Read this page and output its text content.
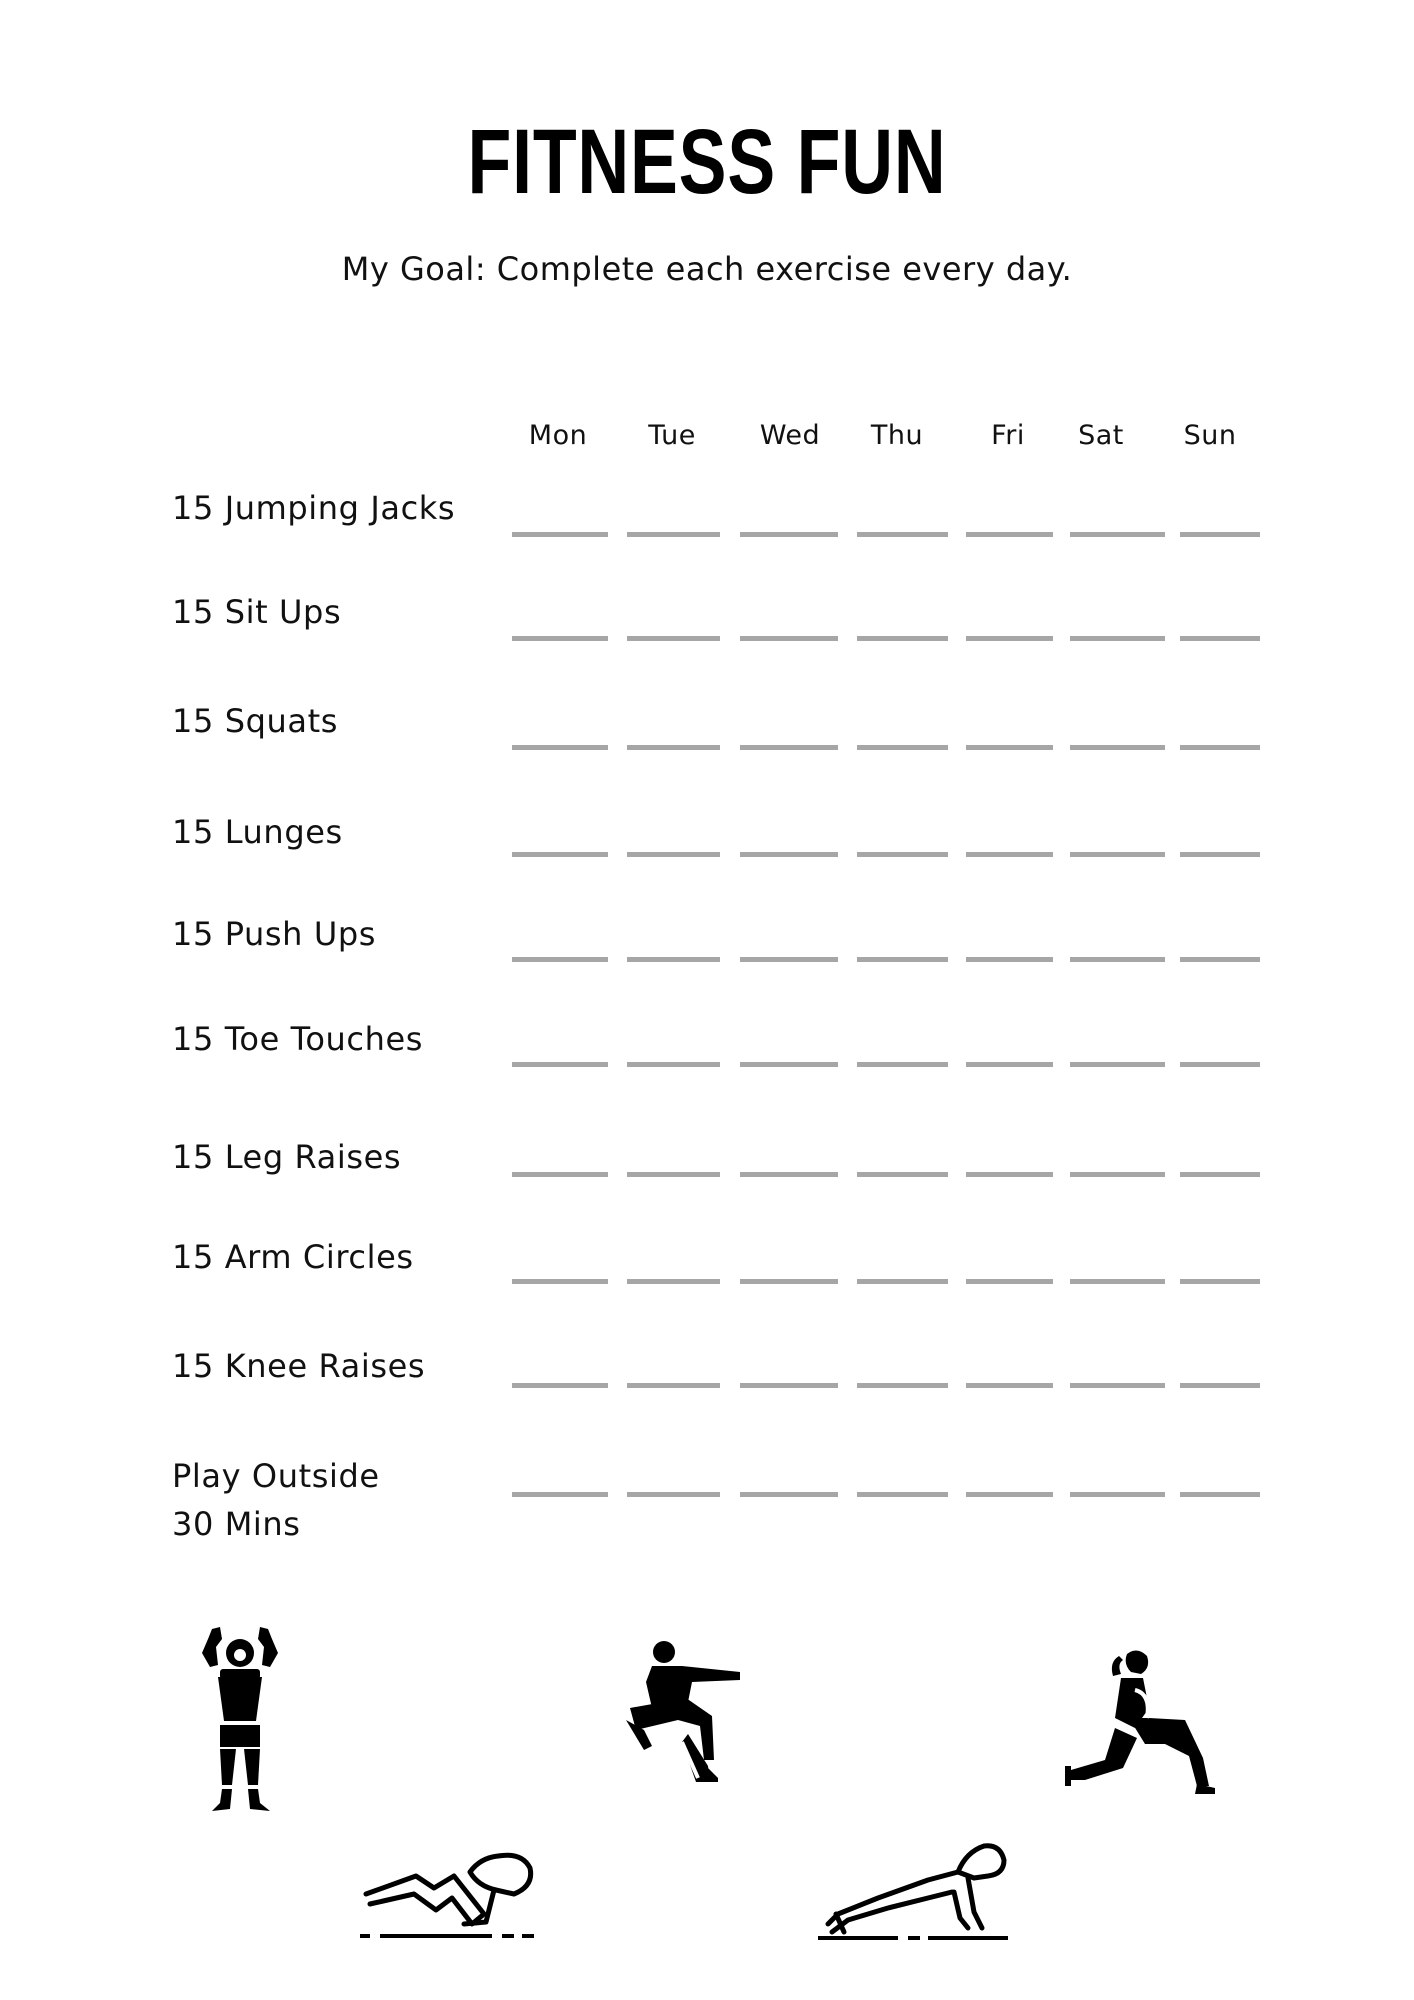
FITNESS FUN
My Goal: Complete each exercise every day.
Mon	Tue	Wed	Thu	Fri	Sat	Sun
15 Jumping Jacks
15 Sit Ups
15 Squats
15 Lunges
15 Push Ups
15 Toe Touches
15 Leg Raises
15 Arm Circles
15 Knee Raises
Play Outside
30 Mins
